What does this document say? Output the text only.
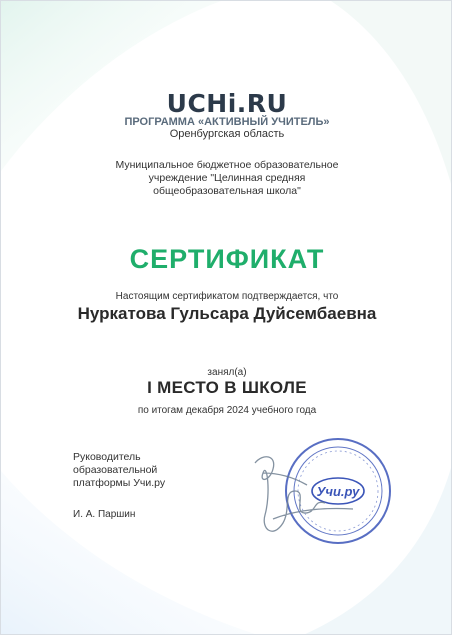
UCHi.RU
ПРОГРАММА «АКТИВНЫЙ УЧИТЕЛЬ»
Оренбургская область
Муниципальное бюджетное образовательное
учреждение "Целинная средняя
общеобразовательная школа"
СЕРТИФИКАТ
Настоящим сертификатом подтверждается, что
Нуркатова Гульсара Дуйсембаевна
занял(а)
I МЕСТО В ШКОЛЕ
по итогам декабря 2024 учебного года
Руководитель
образовательной
платформы Учи.ру
И. А. Паршин
Учи.ру
